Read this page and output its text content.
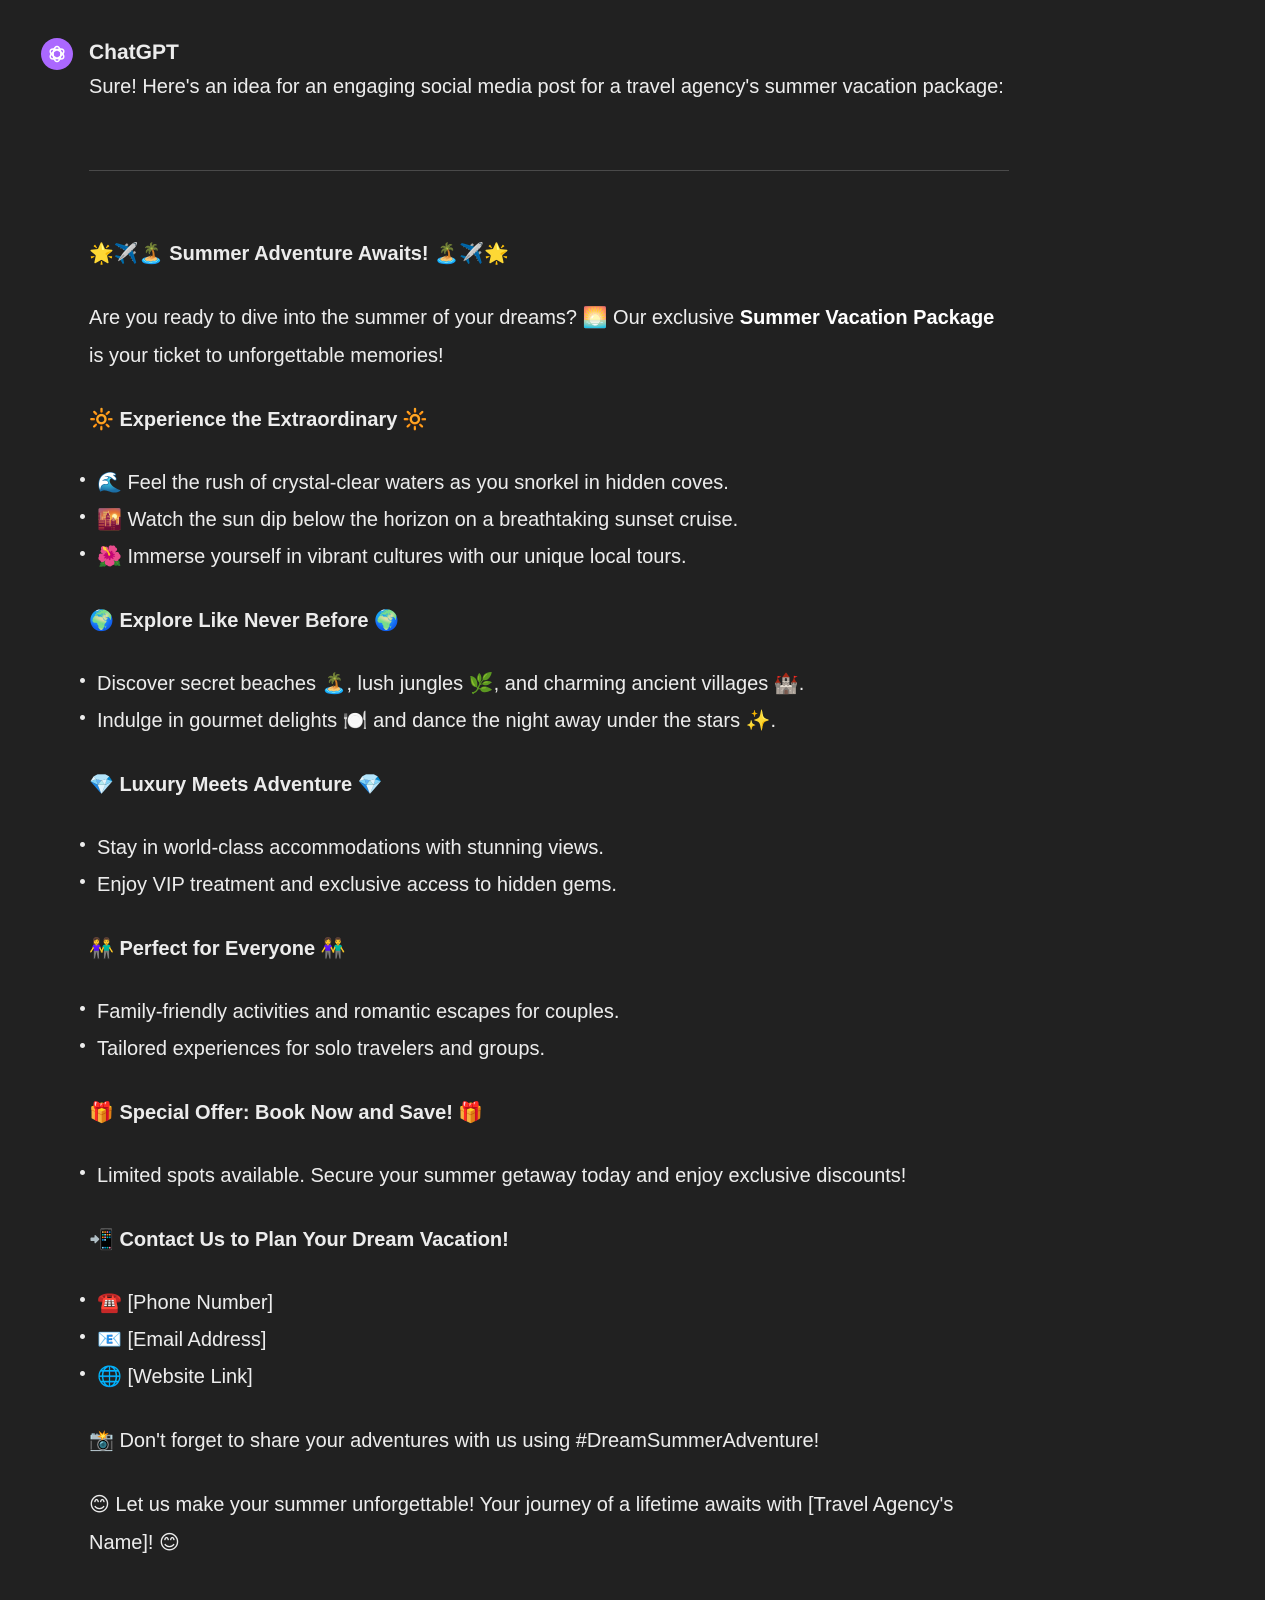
ChatGPT

Sure! Here's an idea for an engaging social media post for a travel agency's summer vacation package:

🌟✈️🏝️ Summer Adventure Awaits! 🏝️✈️🌟

Are you ready to dive into the summer of your dreams? 🌅 Our exclusive Summer Vacation Package is your ticket to unforgettable memories!

🔆 Experience the Extraordinary 🔆

🌊 Feel the rush of crystal-clear waters as you snorkel in hidden coves.
🌇 Watch the sun dip below the horizon on a breathtaking sunset cruise.
🌺 Immerse yourself in vibrant cultures with our unique local tours.

🌍 Explore Like Never Before 🌍

Discover secret beaches 🏝️, lush jungles 🌿, and charming ancient villages 🏰.
Indulge in gourmet delights 🍽️ and dance the night away under the stars ✨.

💎 Luxury Meets Adventure 💎

Stay in world-class accommodations with stunning views.
Enjoy VIP treatment and exclusive access to hidden gems.

👫 Perfect for Everyone 👫

Family-friendly activities and romantic escapes for couples.
Tailored experiences for solo travelers and groups.

🎁 Special Offer: Book Now and Save! 🎁

Limited spots available. Secure your summer getaway today and enjoy exclusive discounts!

📲 Contact Us to Plan Your Dream Vacation!

☎️ [Phone Number]
📧 [Email Address]
🌐 [Website Link]

📸 Don't forget to share your adventures with us using #DreamSummerAdventure!

😊 Let us make your summer unforgettable! Your journey of a lifetime awaits with [Travel Agency's Name]! 😊
